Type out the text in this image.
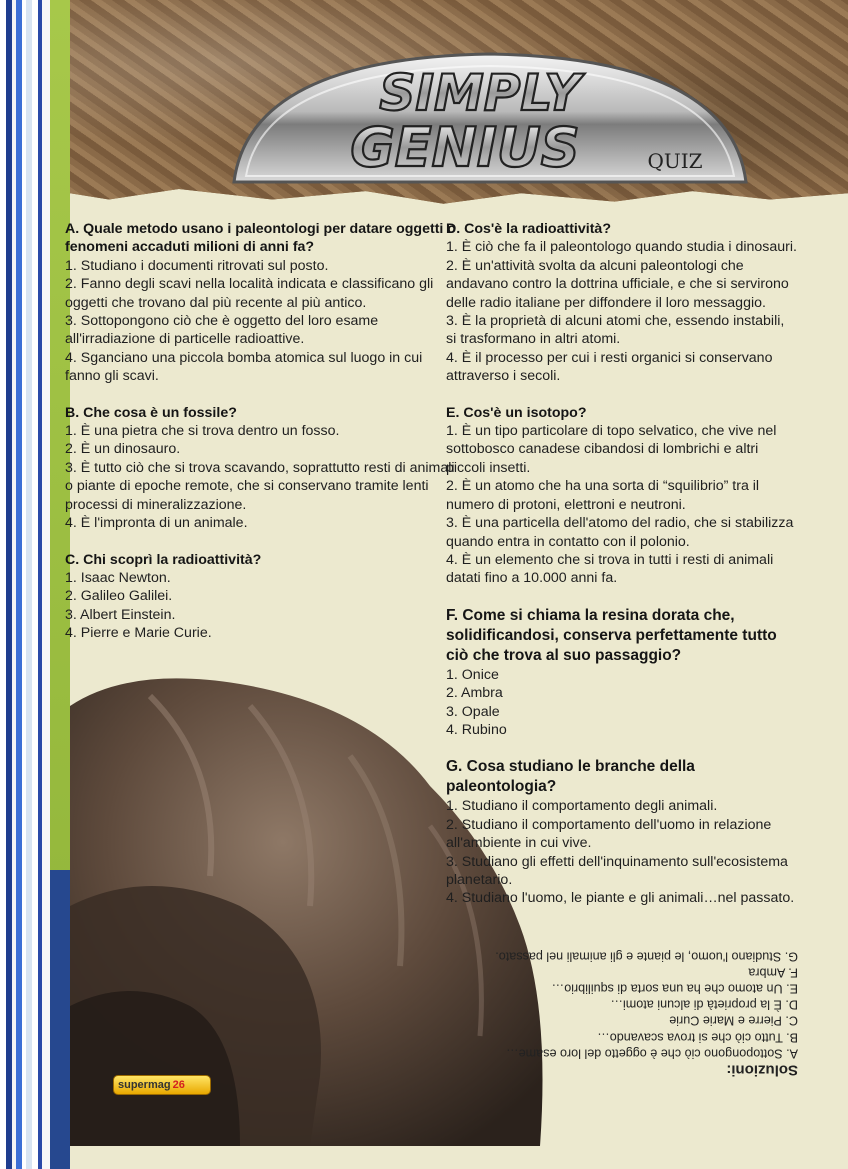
SIMPLY
GENIUS	QUIZ
supermag 26
A. Quale metodo usano i paleontologi per datare oggetti o fenomeni accaduti milioni di anni fa?
1. Studiano i documenti ritrovati sul posto.
2. Fanno degli scavi nella località indicata e classificano gli oggetti che trovano dal più recente al più antico.
3. Sottopongono ciò che è oggetto del loro esame all'irradiazione di particelle radioattive.
4. Sganciano una piccola bomba atomica sul luogo in cui fanno gli scavi.
B. Che cosa è un fossile?
1. È una pietra che si trova dentro un fosso.
2. È un dinosauro.
3. È tutto ciò che si trova scavando, soprattutto resti di animali o piante di epoche remote, che si conservano tramite lenti processi di mineralizzazione.
4. È l'impronta di un animale.
C. Chi scoprì la radioattività?
1. Isaac Newton.
2. Galileo Galilei.
3. Albert Einstein.
4. Pierre e Marie Curie.
D. Cos'è la radioattività?
1. È ciò che fa il paleontologo quando studia i dinosauri.
2. È un'attività svolta da alcuni paleontologi che andavano contro la dottrina ufficiale, e che si servirono delle radio italiane per diffondere il loro messaggio.
3. È la proprietà di alcuni atomi che, essendo instabili, si trasformano in altri atomi.
4. È il processo per cui i resti organici si conservano attraverso i secoli.
E. Cos'è un isotopo?
1. È un tipo particolare di topo selvatico, che vive nel sottobosco canadese cibandosi di lombrichi e altri piccoli insetti.
2. È un atomo che ha una sorta di “squilibrio” tra il numero di protoni, elettroni e neutroni.
3. È una particella dell'atomo del radio, che si stabilizza quando entra in contatto con il polonio.
4. È un elemento che si trova in tutti i resti di animali datati fino a 10.000 anni fa.
F. Come si chiama la resina dorata che, solidificandosi, conserva perfettamente tutto ciò che trova al suo passaggio?
1. Onice
2. Ambra
3. Opale
4. Rubino
G. Cosa studiano le branche della paleontologia?
1. Studiano il comportamento degli animali.
2. Studiano il comportamento dell'uomo in relazione all'ambiente in cui vive.
3. Studiano gli effetti dell'inquinamento sull'ecosistema planetario.
4. Studiano l'uomo, le piante e gli animali…nel passato.
Soluzioni:
A. Sottopongono ciò che è oggetto del loro esame…
B. Tutto ciò che si trova scavando…
C. Pierre e Marie Curie
D. È la proprietà di alcuni atomi…
E. Un atomo che ha una sorta di squilibrio…
F. Ambra
G. Studiano l'uomo, le piante e gli animali nel passato.
